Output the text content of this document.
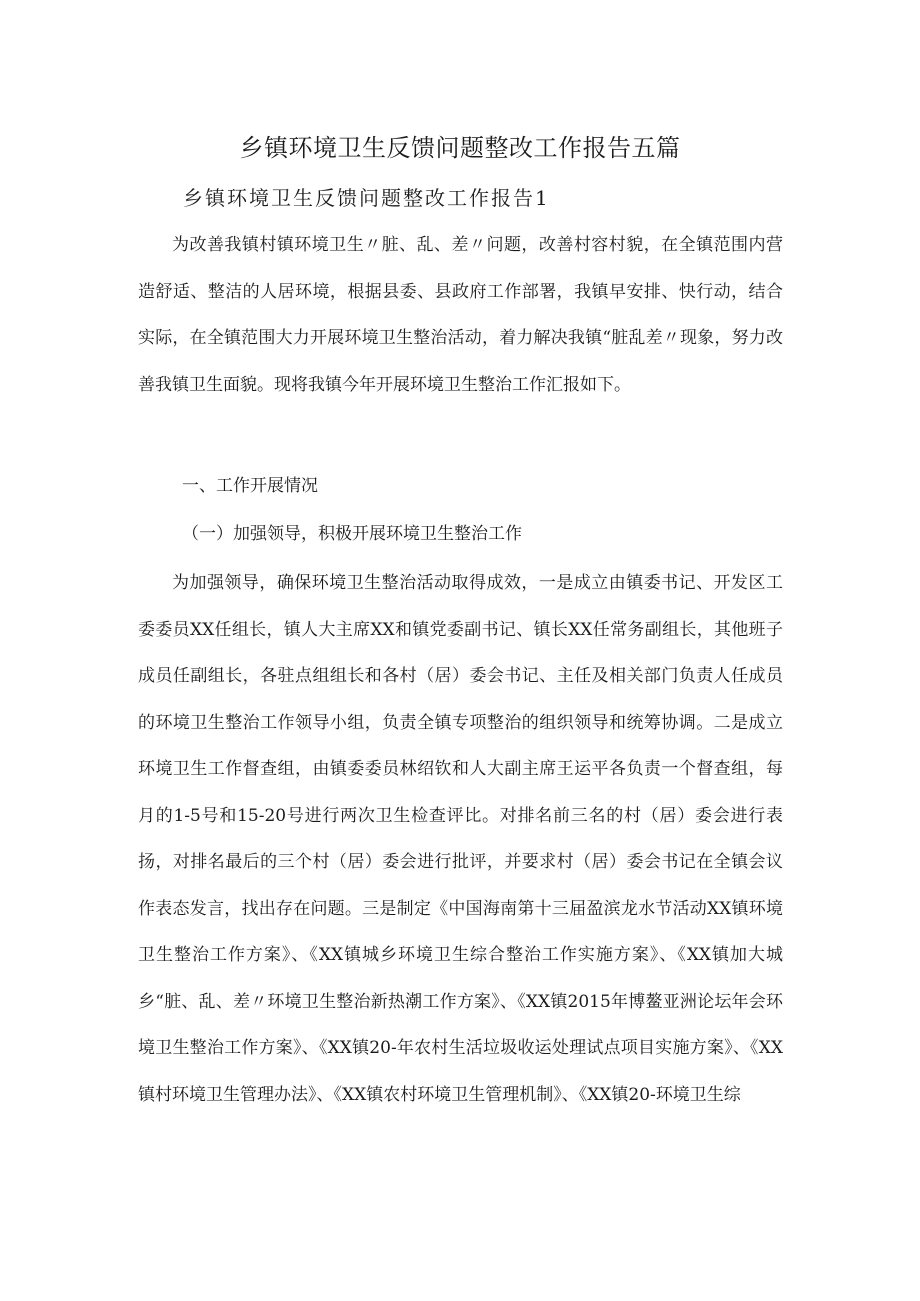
乡镇环境卫生反馈问题整改工作报告五篇
乡镇环境卫生反馈问题整改工作报告1

为改善我镇村镇环境卫生〃脏、乱、差〃问题，改善村容村貌，在全镇范围内营造舒适、整洁的人居环境，根据县委、县政府工作部署，我镇早安排、快行动，结合实际，在全镇范围大力开展环境卫生整治活动，着力解决我镇“脏乱差〃现象，努力改善我镇卫生面貌。现将我镇今年开展环境卫生整治工作汇报如下。

一、工作开展情况
（一）加强领导，积极开展环境卫生整治工作

为加强领导，确保环境卫生整治活动取得成效，一是成立由镇委书记、开发区工委委员XX任组长，镇人大主席XX和镇党委副书记、镇长XX任常务副组长，其他班子成员任副组长，各驻点组组长和各村（居）委会书记、主任及相关部门负责人任成员的环境卫生整治工作领导小组，负责全镇专项整治的组织领导和统筹协调。二是成立环境卫生工作督查组，由镇委委员林绍钦和人大副主席王运平各负责一个督查组，每月的1-5号和15-20号进行两次卫生检查评比。对排名前三名的村（居）委会进行表扬，对排名最后的三个村（居）委会进行批评，并要求村（居）委会书记在全镇会议作表态发言，找出存在问题。三是制定《中国海南第十三届盈滨龙水节活动XX镇环境卫生整治工作方案》、《XX镇城乡环境卫生综合整治工作实施方案》、《XX镇加大城乡“脏、乱、差〃环境卫生整治新热潮工作方案》、《XX镇2015年博鳌亚洲论坛年会环境卫生整治工作方案》、《XX镇20-年农村生活垃圾收运处理试点项目实施方案》、《XX镇村环境卫生管理办法》、《XX镇农村环境卫生管理机制》、《XX镇20-环境卫生综
